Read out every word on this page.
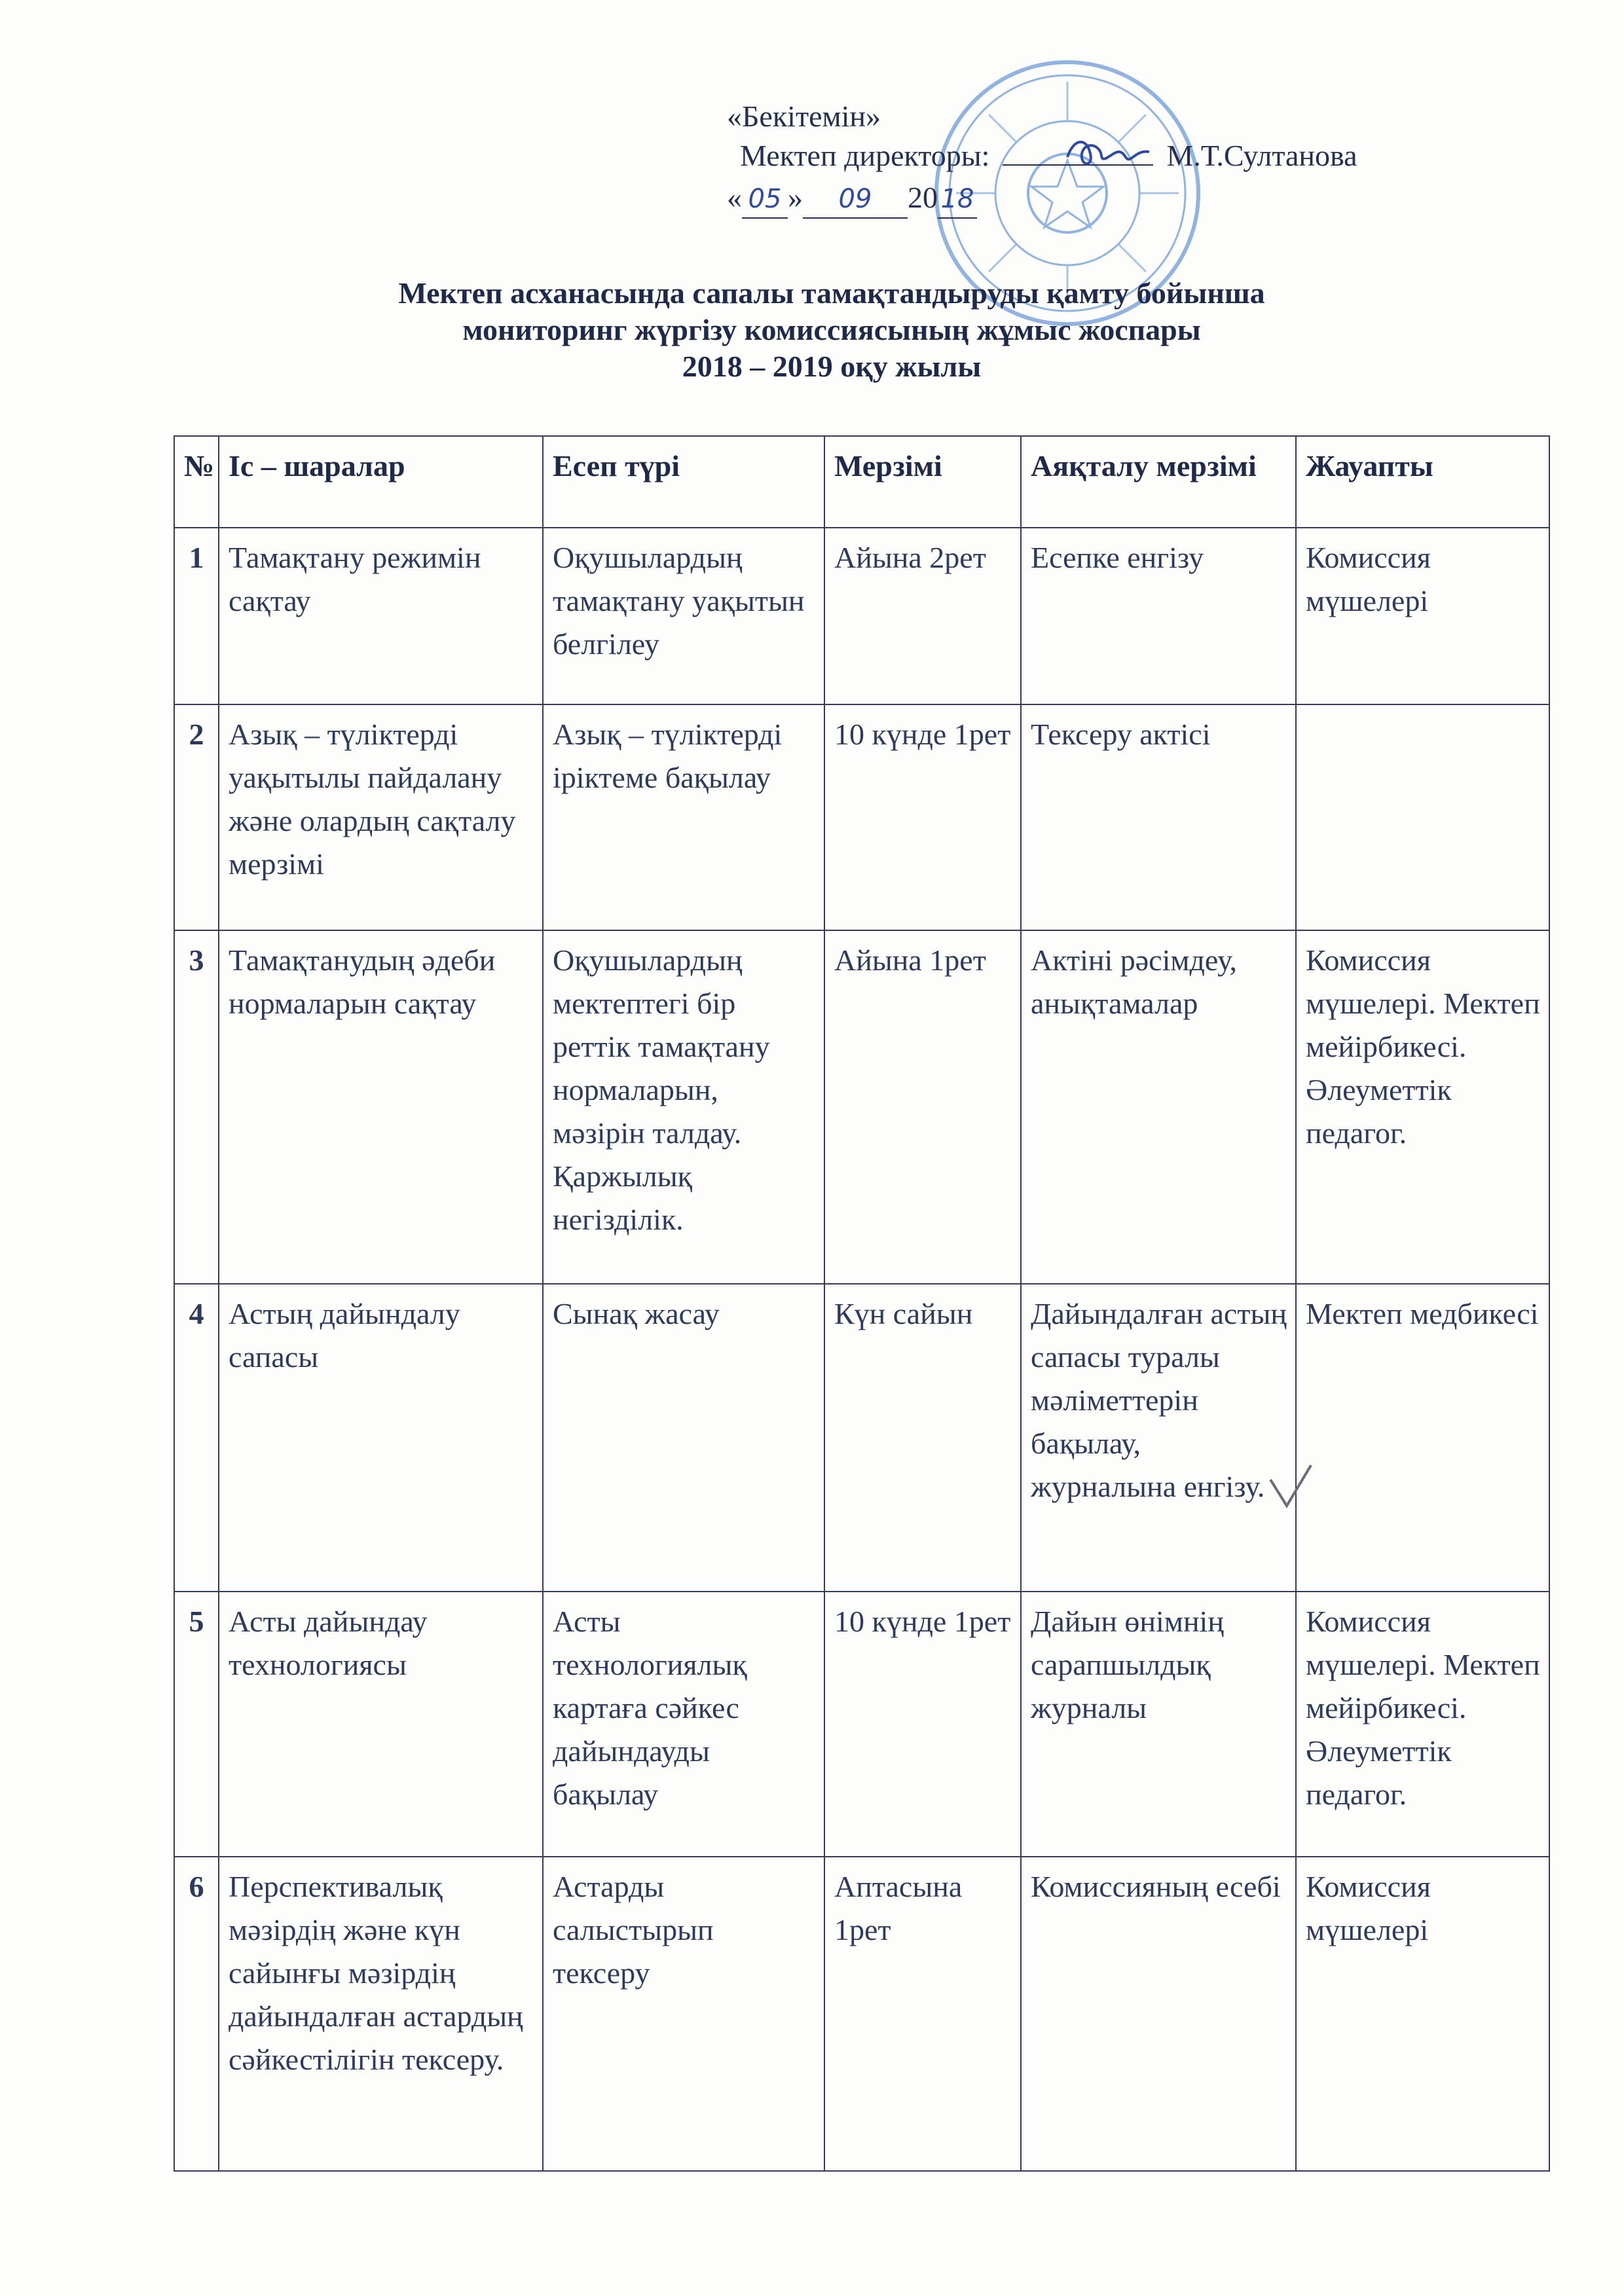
«Бекітемін»
Мектеп директоры:	М.Т.Султанова
« 05 » 09 20 18
Мектеп асханасында сапалы тамақтандыруды қамту бойынша
мониторинг жүргізу комиссиясының жұмыс жоспары
2018 – 2019 оқу жылы
№	Іс – шаралар	Есеп түрі	Мерзімі	Аяқталу мерзімі	Жауапты
1	Тамақтану режимін сақтау	Оқушылардың тамақтану уақытын белгілеу	Айына 2рет	Есепке енгізу	Комиссия мүшелері
2	Азық – түліктерді уақытылы пайдалану және олардың сақталу мерзімі	Азық – түліктерді іріктеме бақылау	10 күнде 1рет	Тексеру актісі	
3	Тамақтанудың әдеби нормаларын сақтау	Оқушылардың мектептегі бір реттік тамақтану нормаларын, мәзірін талдау. Қаржылық негізділік.	Айына 1рет	Актіні рәсімдеу, анықтамалар	Комиссия мүшелері. Мектеп мейірбикесі. Әлеуметтік педагог.
4	Астың дайындалу сапасы	Сынақ жасау	Күн сайын	Дайындалған астың сапасы туралы мәліметтерін бақылау, журналына енгізу.	Мектеп медбикесі
5	Асты дайындау технологиясы	Асты технологиялық картаға сәйкес дайындауды бақылау	10 күнде 1рет	Дайын өнімнің сарапшылдық журналы	Комиссия мүшелері. Мектеп мейірбикесі. Әлеуметтік педагог.
6	Перспективалық мәзірдің және күн сайынғы мәзірдің дайындалған астардың сәйкестілігін тексеру.	Астарды салыстырып тексеру	Аптасына 1рет	Комиссияның есебі	Комиссия мүшелері
